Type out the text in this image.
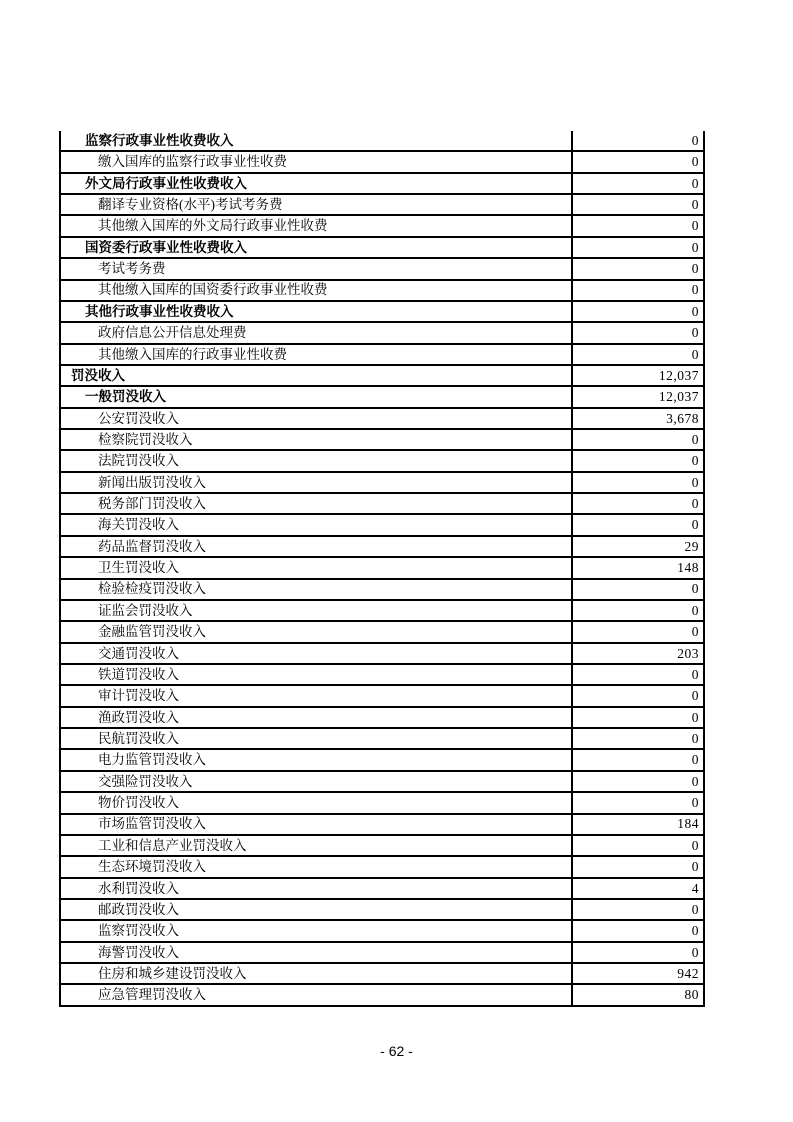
监察行政事业性收费收入	0
缴入国库的监察行政事业性收费	0
外文局行政事业性收费收入	0
翻译专业资格(水平)考试考务费	0
其他缴入国库的外文局行政事业性收费	0
国资委行政事业性收费收入	0
考试考务费	0
其他缴入国库的国资委行政事业性收费	0
其他行政事业性收费收入	0
政府信息公开信息处理费	0
其他缴入国库的行政事业性收费	0
罚没收入	12,037
一般罚没收入	12,037
公安罚没收入	3,678
检察院罚没收入	0
法院罚没收入	0
新闻出版罚没收入	0
税务部门罚没收入	0
海关罚没收入	0
药品监督罚没收入	29
卫生罚没收入	148
检验检疫罚没收入	0
证监会罚没收入	0
金融监管罚没收入	0
交通罚没收入	203
铁道罚没收入	0
审计罚没收入	0
渔政罚没收入	0
民航罚没收入	0
电力监管罚没收入	0
交强险罚没收入	0
物价罚没收入	0
市场监管罚没收入	184
工业和信息产业罚没收入	0
生态环境罚没收入	0
水利罚没收入	4
邮政罚没收入	0
监察罚没收入	0
海警罚没收入	0
住房和城乡建设罚没收入	942
应急管理罚没收入	80
- 62 -
